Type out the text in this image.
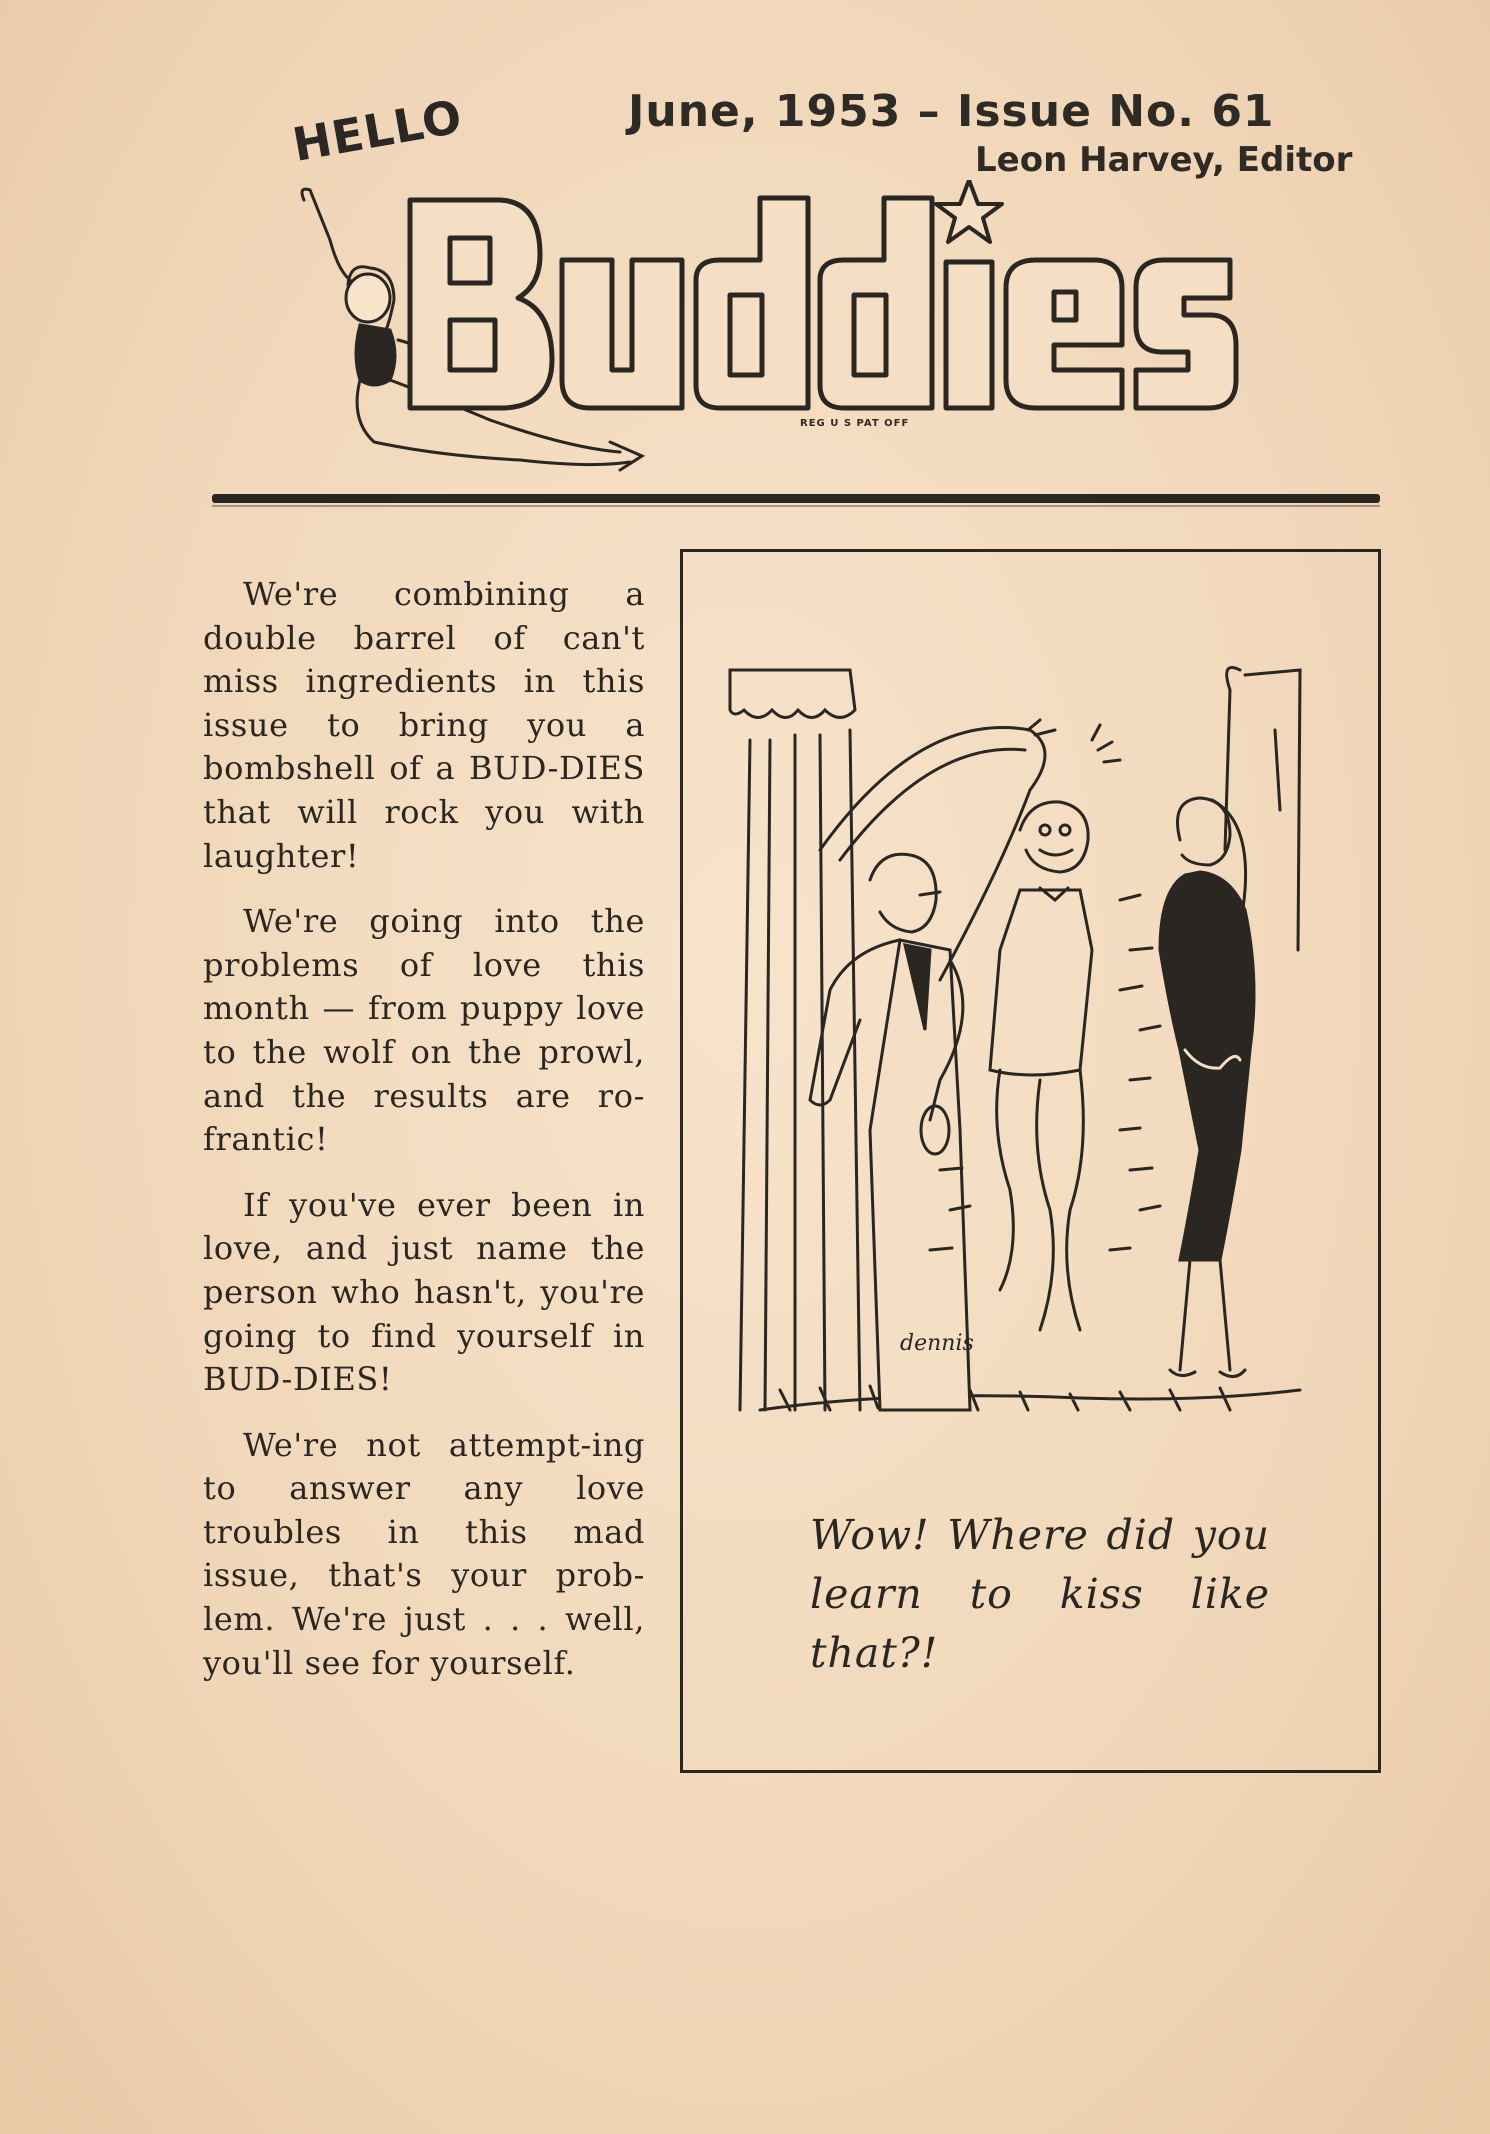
June, 1953 – Issue No. 61
Leon Harvey, Editor
HELLO
REG U S PAT OFF

We're combining a double barrel of can't miss ingredients in this issue to bring you a bombshell of a BUD-DIES that will rock you with laughter!

We're going into the problems of love this month — from puppy love to the wolf on the prowl, and the results are ro-frantic!

If you've ever been in love, and just name the person who hasn't, you're going to find yourself in BUD-DIES!

We're not attempt-ing to answer any love troubles in this mad issue, that's your prob-lem. We're just . . . well, you'll see for yourself.

dennis
Wow! Where did you learn to kiss like that?!
